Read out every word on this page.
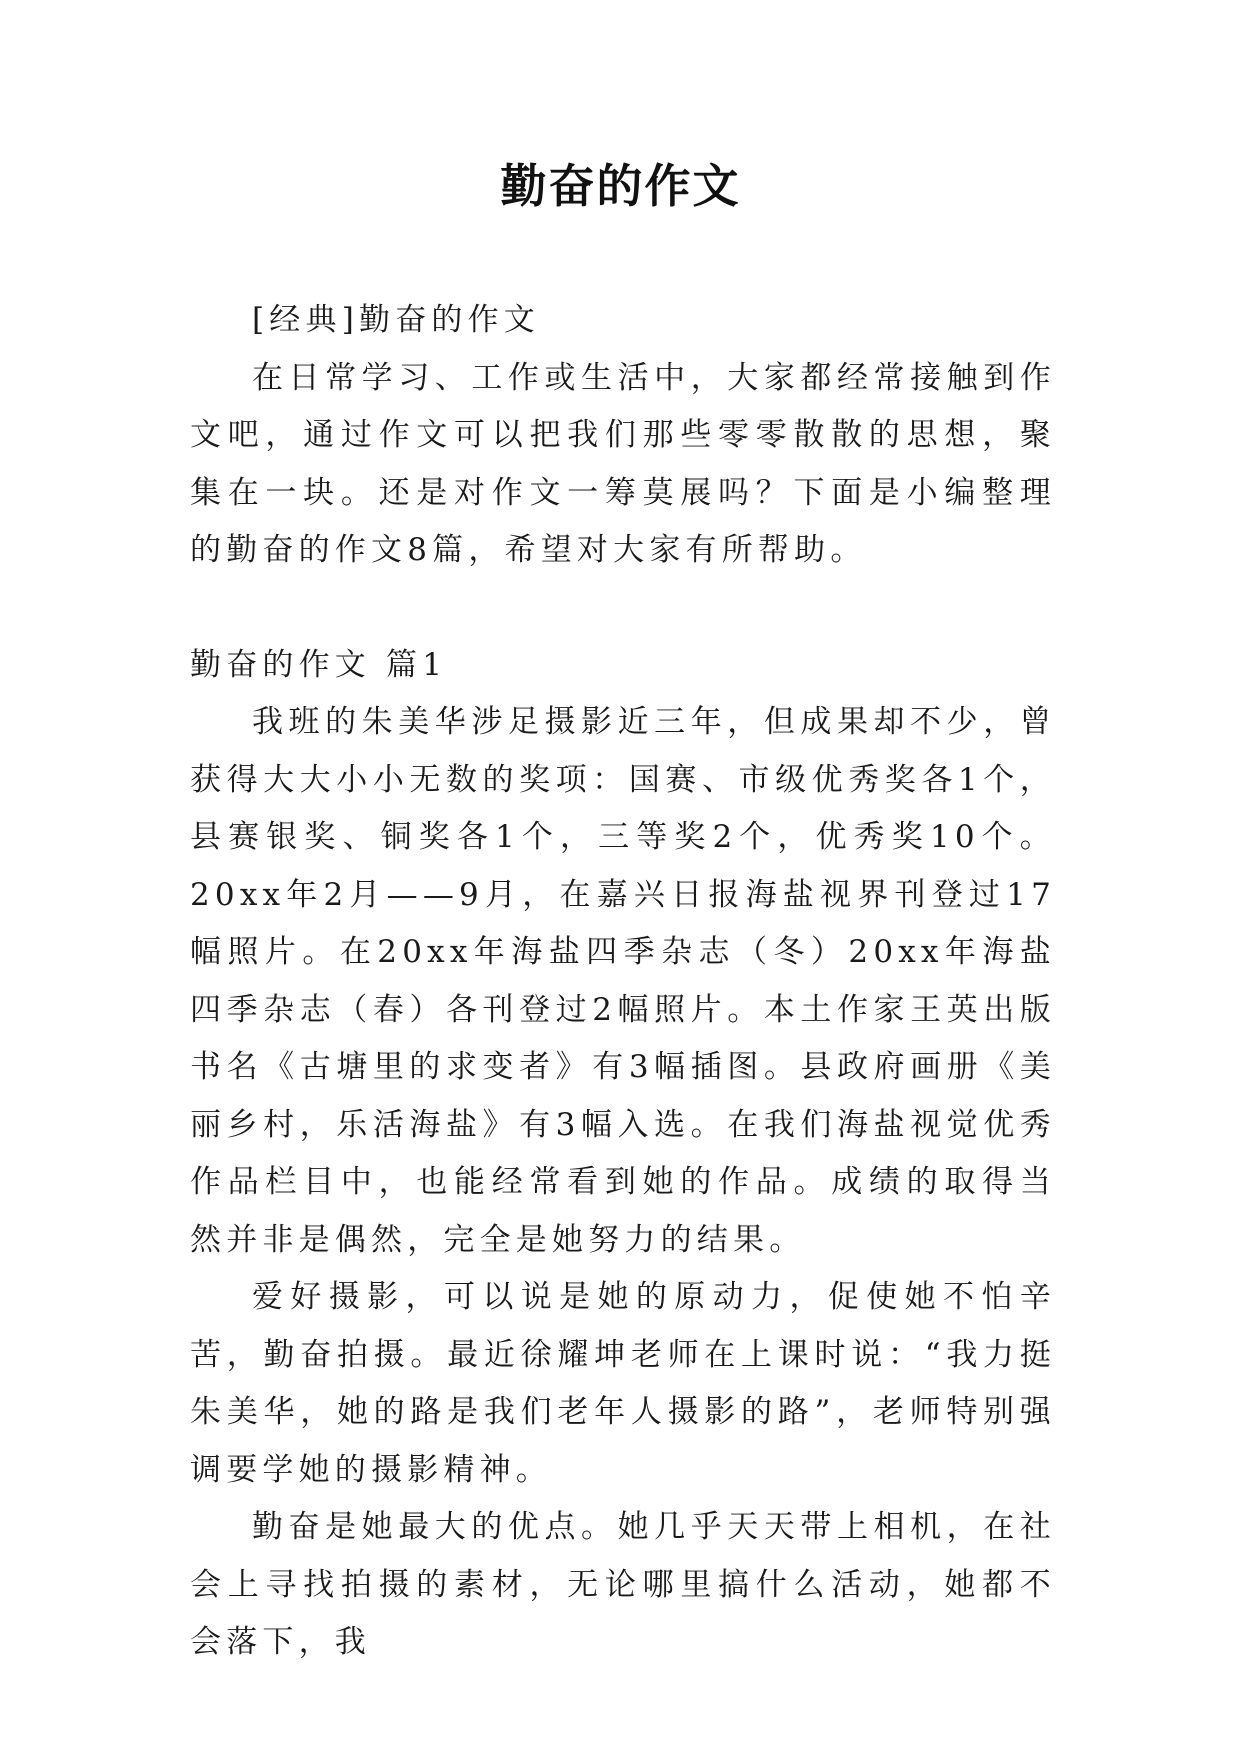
勤奋的作文

[经典]勤奋的作文

在日常学习、工作或生活中，大家都经常接触到作文吧，通过作文可以把我们那些零零散散的思想，聚集在一块。还是对作文一筹莫展吗？下面是小编整理的勤奋的作文8篇，希望对大家有所帮助。

勤奋的作文 篇1

我班的朱美华涉足摄影近三年，但成果却不少，曾获得大大小小无数的奖项：国赛、市级优秀奖各1个，县赛银奖、铜奖各1个，三等奖2个，优秀奖10个。20xx年2月——9月，在嘉兴日报海盐视界刊登过17幅照片。在20xx年海盐四季杂志（冬）20xx年海盐四季杂志（春）各刊登过2幅照片。本土作家王英出版书名《古塘里的求变者》有3幅插图。县政府画册《美丽乡村，乐活海盐》有3幅入选。在我们海盐视觉优秀作品栏目中，也能经常看到她的作品。成绩的取得当然并非是偶然，完全是她努力的结果。

爱好摄影，可以说是她的原动力，促使她不怕辛苦，勤奋拍摄。最近徐耀坤老师在上课时说：“我力挺朱美华，她的路是我们老年人摄影的路”，老师特别强调要学她的摄影精神。

勤奋是她最大的优点。她几乎天天带上相机，在社会上寻找拍摄的素材，无论哪里搞什么活动，她都不会落下，我
